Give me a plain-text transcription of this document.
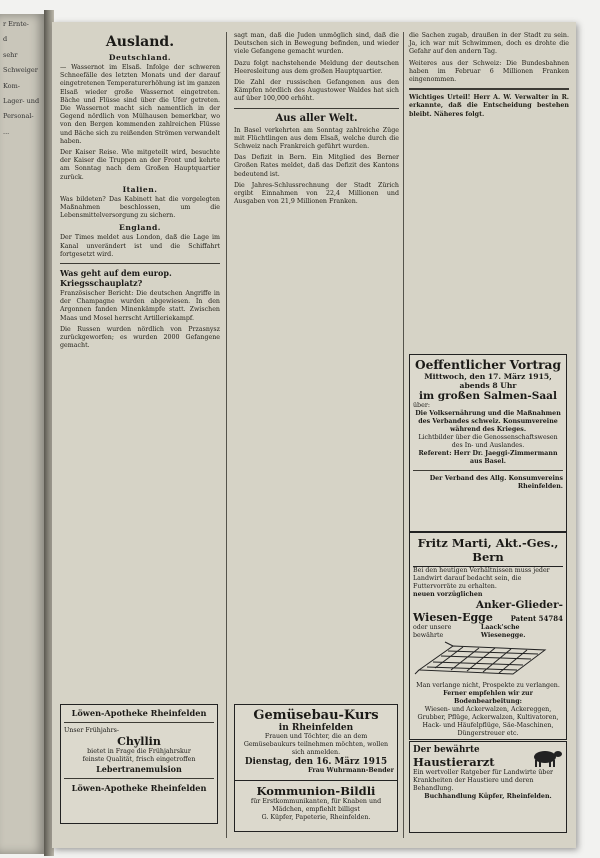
r Ernte-
d
sehr
Schweiger
Kom-
Lager- und
Personal-
...
Ausland.
Deutschland.

— Wassernot im Elsaß. Infolge der schweren Schneefälle des letzten Monats und der darauf eingetretenen Temperaturerhöhung ist im ganzen Elsaß wieder große Wassernot eingetreten. Bäche und Flüsse sind über die Ufer getreten. Die Wassernot macht sich namentlich in der Gegend nördlich von Mülhausen bemerkbar, wo von den Bergen kommenden zahlreichen Flüsse und Bäche sich zu reißenden Strömen verwandelt haben.

Der Kaiser Reise. Wie mitgeteilt wird, besuchte der Kaiser die Truppen an der Front und kehrte am Sonntag nach dem Großen Hauptquartier zurück.

Italien.

Was bildeten? Das Kabinett hat die vorgelegten Maßnahmen beschlossen, um die Lebensmittelversorgung zu sichern.

England.

Der Times meldet aus London, daß die Lage im Kanal unverändert ist und die Schiffahrt fortgesetzt wird.

Was geht auf dem europ. Kriegsschauplatz?

Französischer Bericht: Die deutschen Angriffe in der Champagne wurden abgewiesen. In den Argonnen fanden Minenkämpfe statt. Zwischen Maas und Mosel herrscht Artilleriekampf.

Die Russen wurden nördlich von Przasnysz zurückgeworfen; es wurden 2000 Gefangene gemacht.

Löwen-Apotheke Rheinfelden
Unser Frühjahrs-
Chyllin
bietet in Frage die Frühjahrskur
feinste Qualität, frisch eingetroffen
Lebertranemulsion
Löwen-Apotheke Rheinfelden

sagt man, daß die Juden unmöglich sind, daß die Deutschen sich in Bewegung befinden, und wieder viele Gefangene gemacht wurden.

Dazu folgt nachstehende Meldung der deutschen Heeresleitung aus dem großen Hauptquartier.

Die Zahl der russischen Gefangenen aus den Kämpfen nördlich des Augustower Waldes hat sich auf über 100,000 erhöht.

Aus aller Welt.

In Basel verkehrten am Sonntag zahlreiche Züge mit Flüchtlingen aus dem Elsaß, welche durch die Schweiz nach Frankreich geführt wurden.

Das Defizit in Bern. Ein Mitglied des Berner Großen Rates meldet, daß das Defizit des Kantons bedeutend ist.

Die Jahres-Schlussrechnung der Stadt Zürich ergibt Einnahmen von 22,4 Millionen und Ausgaben von 21,9 Millionen Franken.

Gemüsebau-Kurs
in Rheinfelden
Frauen und Töchter, die an dem Gemüsebaukurs teilnehmen möchten, wollen sich anmelden.
Dienstag, den 16. März 1915
Frau Wuhrmann-Bender
Kommunion-Bildli
für Erstkommunikanten, für Knaben und Mädchen, empfiehlt billigst
G. Küpfer, Papeterie, Rheinfelden.

die Sachen zugab, draußen in der Stadt zu sein. Ja, ich war mit Schwimmen, doch es drohte die Gefahr auf den andern Tag.

Weiteres aus der Schweiz: Die Bundesbahnen haben im Februar 6 Millionen Franken eingenommen.

Wichtiges Urteil! Herr A. W. Verwalter in R. erkannte, daß die Entscheidung bestehen bleibt. Näheres folgt.

Oeffentlicher Vortrag
Mittwoch, den 17. März 1915, abends 8 Uhr
im großen Salmen-Saal
über:
Die Volksernährung und die Maßnahmen des Verbandes schweiz. Konsumvereine während des Krieges.
Lichtbilder über die Genossenschaftswesen des In- und Auslandes.
Referent: Herr Dr. Jaeggi-Zimmermann aus Basel.
Der Verband des Allg. Konsumvereins Rheinfelden.
Fritz Marti, Akt.-Ges., Bern
Bei den heutigen Verhältnissen muss jeder Landwirt darauf bedacht sein, die Futtervorräte zu erhalten.
neuen vorzüglichen
Anker-Glieder-
Wiesen-Egge	Patent 54784
oder unsere bewährte
Laack'sche Wiesenegge.
Man verlange nicht, Prospekte zu verlangen.
Ferner empfehlen wir zur Bodenbearbeitung:
Wiesen- und Ackerwalzen, Ackereggen, Grubber, Pflüge, Ackerwalzen, Kultivatoren, Hack- und Häufelpflüge, Säe-Maschinen, Düngerstreuer etc.
Der bewährte
Haustierarzt
Ein wertvoller Ratgeber für Landwirte über Krankheiten der Haustiere und deren Behandlung.
Buchhandlung Küpfer, Rheinfelden.
